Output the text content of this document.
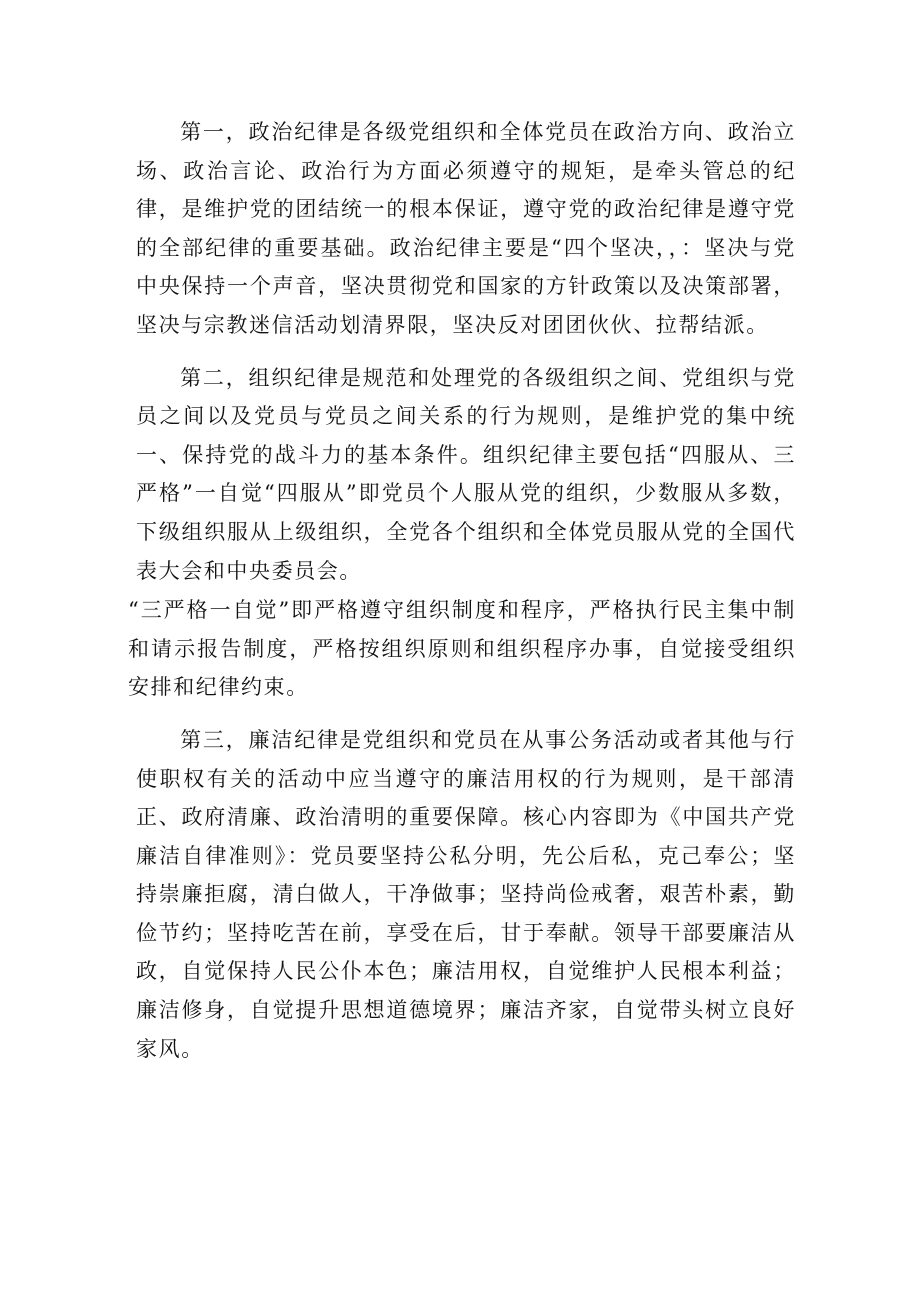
第一，政治纪律是各级党组织和全体党员在政治方向、政治立场、政治言论、政治行为方面必须遵守的规矩，是牵头管总的纪律，是维护党的团结统一的根本保证，遵守党的政治纪律是遵守党的全部纪律的重要基础。政治纪律主要是“四个坚决，，：坚决与党中央保持一个声音，坚决贯彻党和国家的方针政策以及决策部署，坚决与宗教迷信活动划清界限，坚决反对团团伙伙、拉帮结派。

第二，组织纪律是规范和处理党的各级组织之间、党组织与党员之间以及党员与党员之间关系的行为规则，是维护党的集中统一、保持党的战斗力的基本条件。组织纪律主要包括“四服从、三严格”一自觉“四服从”即党员个人服从党的组织，少数服从多数，下级组织服从上级组织，全党各个组织和全体党员服从党的全国代表大会和中央委员会。

“三严格一自觉”即严格遵守组织制度和程序，严格执行民主集中制和请示报告制度，严格按组织原则和组织程序办事，自觉接受组织安排和纪律约束。

第三，廉洁纪律是党组织和党员在从事公务活动或者其他与行使职权有关的活动中应当遵守的廉洁用权的行为规则，是干部清正、政府清廉、政治清明的重要保障。核心内容即为《中国共产党廉洁自律准则》：党员要坚持公私分明，先公后私，克己奉公；坚持崇廉拒腐，清白做人，干净做事；坚持尚俭戒奢，艰苦朴素，勤俭节约；坚持吃苦在前，享受在后，甘于奉献。领导干部要廉洁从政，自觉保持人民公仆本色；廉洁用权，自觉维护人民根本利益；廉洁修身，自觉提升思想道德境界；廉洁齐家，自觉带头树立良好家风。
